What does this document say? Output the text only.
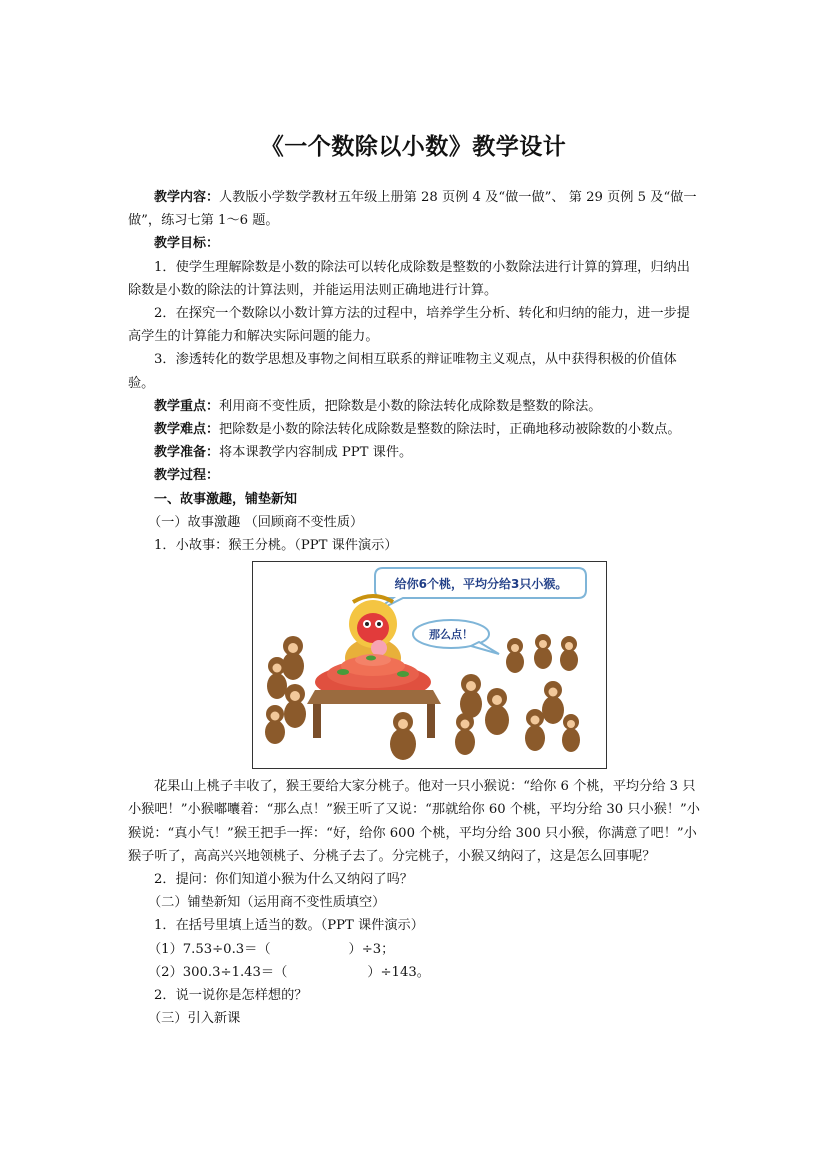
《一个数除以小数》教学设计

教学内容：人教版小学数学教材五年级上册第 28 页例 4 及“做一做”、 第 29 页例 5 及“做一做”，练习七第 1～6 题。

教学目标：

1．使学生理解除数是小数的除法可以转化成除数是整数的小数除法进行计算的算理，归纳出除数是小数的除法的计算法则，并能运用法则正确地进行计算。

2．在探究一个数除以小数计算方法的过程中，培养学生分析、转化和归纳的能力，进一步提高学生的计算能力和解决实际问题的能力。

3．渗透转化的数学思想及事物之间相互联系的辩证唯物主义观点，从中获得积极的价值体验。

教学重点：利用商不变性质，把除数是小数的除法转化成除数是整数的除法。

教学难点：把除数是小数的除法转化成除数是整数的除法时，正确地移动被除数的小数点。

教学准备：将本课教学内容制成 PPT 课件。

教学过程：

一、故事激趣，铺垫新知

（一）故事激趣 （回顾商不变性质）

1．小故事：猴王分桃。（PPT 课件演示）

给你6个桃，平均分给3只小猴。
那么点！

花果山上桃子丰收了，猴王要给大家分桃子。他对一只小猴说：“给你 6 个桃，平均分给 3 只小猴吧！”小猴嘟囔着：“那么点！”猴王听了又说：“那就给你 60 个桃，平均分给 30 只小猴！”小猴说：“真小气！”猴王把手一挥：“好，给你 600 个桃，平均分给 300 只小猴，你满意了吧！”小猴子听了，高高兴兴地领桃子、分桃子去了。分完桃子，小猴又纳闷了，这是怎么回事呢？

2．提问：你们知道小猴为什么又纳闷了吗？

（二）铺垫新知（运用商不变性质填空）

1．在括号里填上适当的数。（PPT 课件演示）

（1）7.53÷0.3＝（	）÷3；

（2）300.3÷1.43＝（	）÷143。

2．说一说你是怎样想的？

（三）引入新课
